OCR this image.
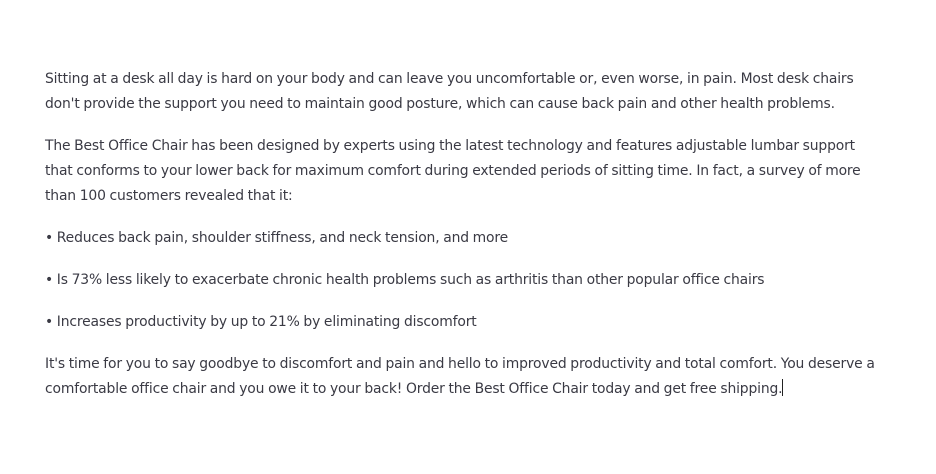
Sitting at a desk all day is hard on your body and can leave you uncomfortable or, even worse, in pain. Most desk chairs don't provide the support you need to maintain good posture, which can cause back pain and other health problems.

The Best Office Chair has been designed by experts using the latest technology and features adjustable lumbar support that conforms to your lower back for maximum comfort during extended periods of sitting time. In fact, a survey of more than 100 customers revealed that it:

• Reduces back pain, shoulder stiffness, and neck tension, and more

• Is 73% less likely to exacerbate chronic health problems such as arthritis than other popular office chairs

• Increases productivity by up to 21% by eliminating discomfort

It's time for you to say goodbye to discomfort and pain and hello to improved productivity and total comfort. You deserve a comfortable office chair and you owe it to your back! Order the Best Office Chair today and get free shipping.
